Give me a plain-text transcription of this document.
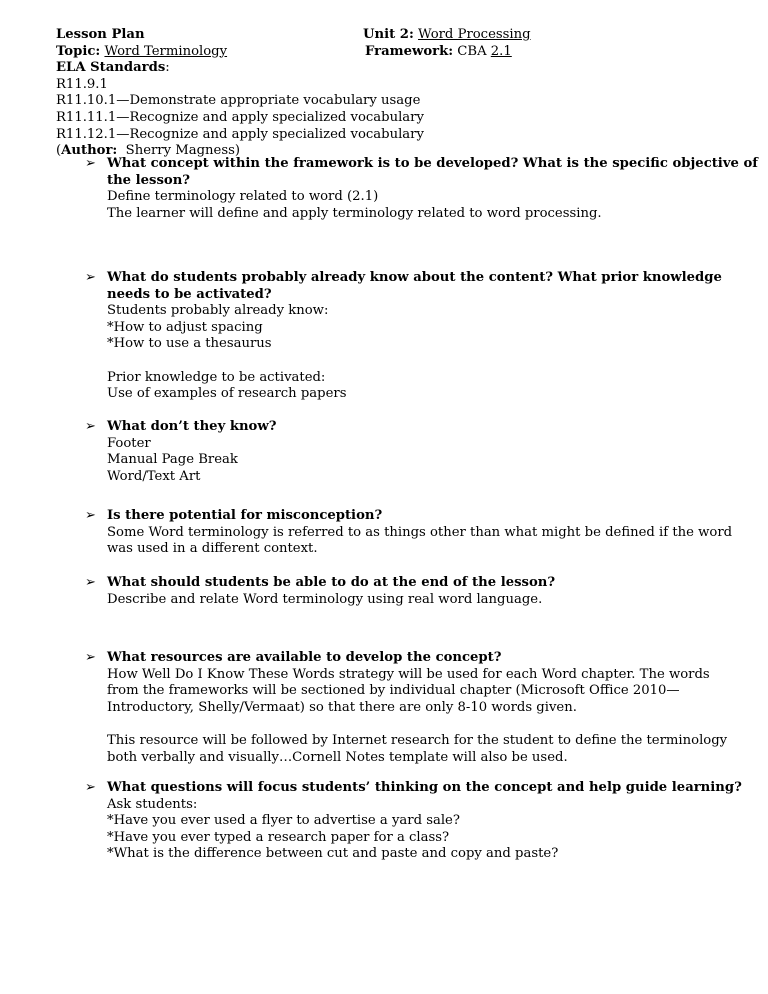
Lesson Plan	Unit 2: Word Processing
Topic: Word Terminology	Framework: CBA 2.1
ELA Standards:
R11.9.1
R11.10.1—Demonstrate appropriate vocabulary usage
R11.11.1—Recognize and apply specialized vocabulary
R11.12.1—Recognize and apply specialized vocabulary
(Author:  Sherry Magness)
➢ What concept within the framework is to be developed? What is the specific objective of
the lesson?
Define terminology related to word (2.1)
The learner will define and apply terminology related to word processing.
➢ What do students probably already know about the content? What prior knowledge
needs to be activated?
Students probably already know:
*How to adjust spacing
*How to use a thesaurus
Prior knowledge to be activated:
Use of examples of research papers
➢ What don’t they know?
Footer
Manual Page Break
Word/Text Art
➢ Is there potential for misconception?
Some Word terminology is referred to as things other than what might be defined if the word
was used in a different context.
➢ What should students be able to do at the end of the lesson?
Describe and relate Word terminology using real word language.
➢ What resources are available to develop the concept?
How Well Do I Know These Words strategy will be used for each Word chapter. The words
from the frameworks will be sectioned by individual chapter (Microsoft Office 2010—
Introductory, Shelly/Vermaat) so that there are only 8-10 words given.
This resource will be followed by Internet research for the student to define the terminology
both verbally and visually…Cornell Notes template will also be used.
➢ What questions will focus students’ thinking on the concept and help guide learning?
Ask students:
*Have you ever used a flyer to advertise a yard sale?
*Have you ever typed a research paper for a class?
*What is the difference between cut and paste and copy and paste?
